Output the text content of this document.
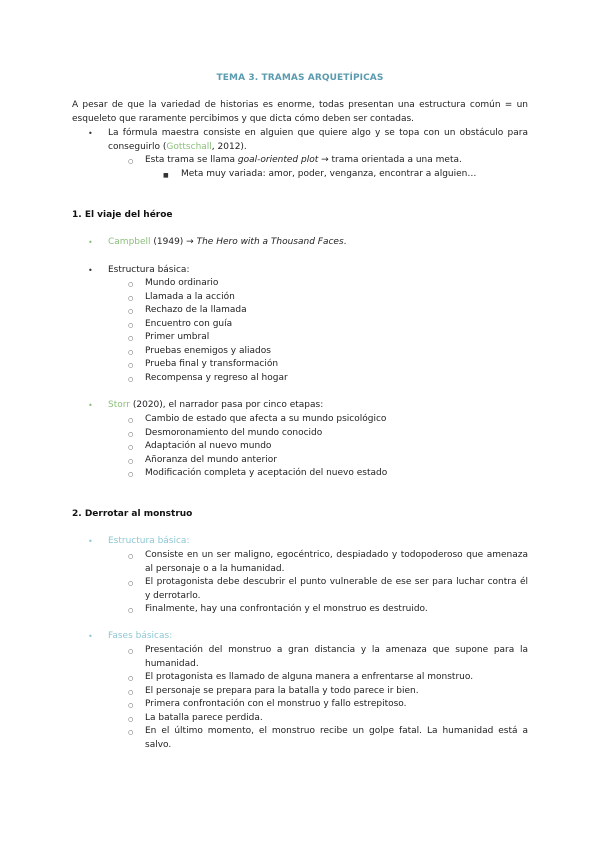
TEMA 3. TRAMAS ARQUETÍPICAS
A pesar de que la variedad de historias es enorme, todas presentan una estructura común = un esqueleto que raramente percibimos y que dicta cómo deben ser contadas.
• La fórmula maestra consiste en alguien que quiere algo y se topa con un obstáculo para conseguirlo (Gottschall, 2012).
○ Esta trama se llama goal-oriented plot → trama orientada a una meta.
■ Meta muy variada: amor, poder, venganza, encontrar a alguien…
1. El viaje del héroe
• Campbell (1949) → The Hero with a Thousand Faces.
• Estructura básica:
○ Mundo ordinario
○ Llamada a la acción
○ Rechazo de la llamada
○ Encuentro con guía
○ Primer umbral
○ Pruebas enemigos y aliados
○ Prueba final y transformación
○ Recompensa y regreso al hogar
• Storr (2020), el narrador pasa por cinco etapas:
○ Cambio de estado que afecta a su mundo psicológico
○ Desmoronamiento del mundo conocido
○ Adaptación al nuevo mundo
○ Añoranza del mundo anterior
○ Modificación completa y aceptación del nuevo estado
2. Derrotar al monstruo
• Estructura básica:
○ Consiste en un ser maligno, egocéntrico, despiadado y todopoderoso que amenaza al personaje o a la humanidad.
○ El protagonista debe descubrir el punto vulnerable de ese ser para luchar contra él y derrotarlo.
○ Finalmente, hay una confrontación y el monstruo es destruido.
• Fases básicas:
○ Presentación del monstruo a gran distancia y la amenaza que supone para la humanidad.
○ El protagonista es llamado de alguna manera a enfrentarse al monstruo.
○ El personaje se prepara para la batalla y todo parece ir bien.
○ Primera confrontación con el monstruo y fallo estrepitoso.
○ La batalla parece perdida.
○ En el último momento, el monstruo recibe un golpe fatal. La humanidad está a salvo.
